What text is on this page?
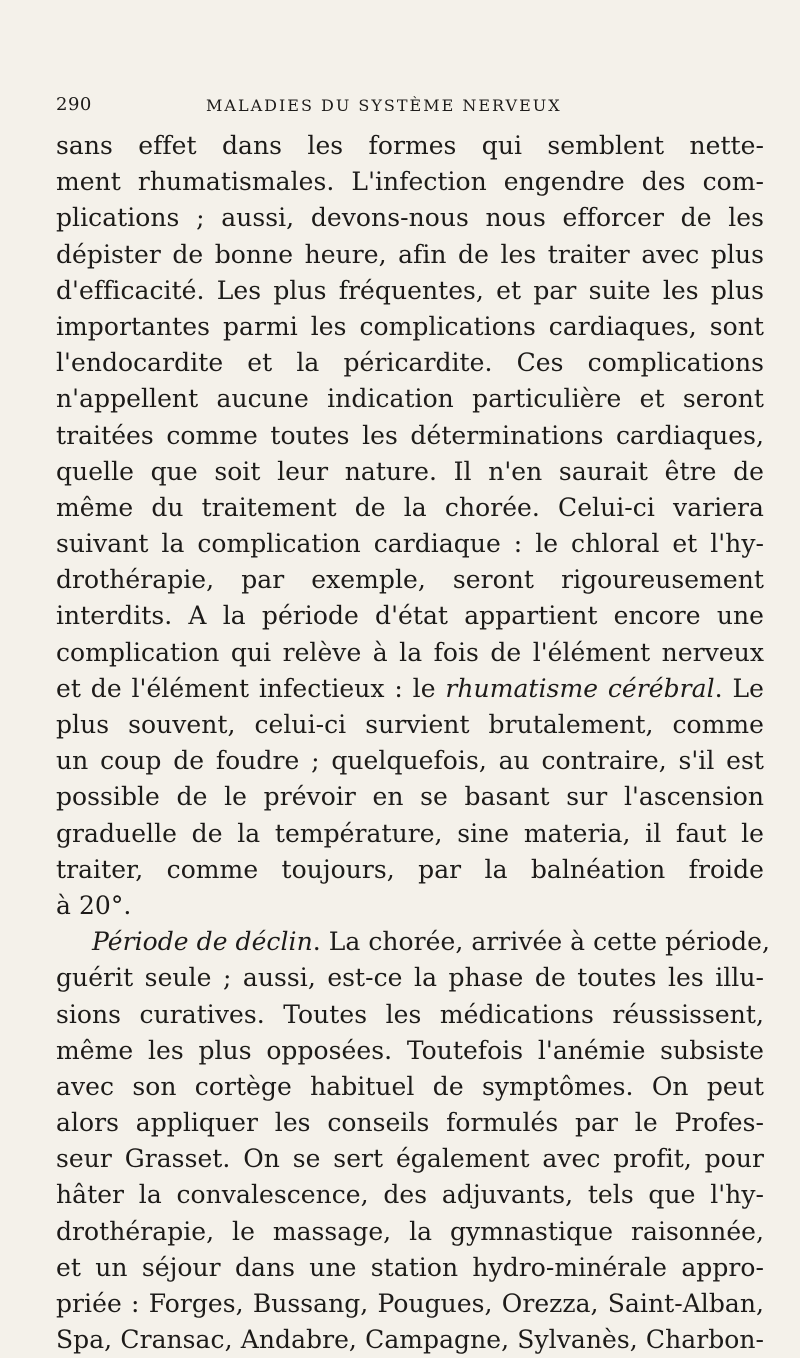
290	MALADIES DU SYSTÈME NERVEUX
sans effet dans les formes qui semblent nette-
ment rhumatismales. L'infection engendre des com-
plications ; aussi, devons-nous nous efforcer de les
dépister de bonne heure, afin de les traiter avec plus
d'efficacité. Les plus fréquentes, et par suite les plus
importantes parmi les complications cardiaques, sont
l'endocardite et la péricardite. Ces complications
n'appellent aucune indication particulière et seront
traitées comme toutes les déterminations cardiaques,
quelle que soit leur nature. Il n'en saurait être de
même du traitement de la chorée. Celui-ci variera
suivant la complication cardiaque : le chloral et l'hy-
drothérapie, par exemple, seront rigoureusement
interdits. A la période d'état appartient encore une
complication qui relève à la fois de l'élément nerveux
et de l'élément infectieux : le rhumatisme cérébral. Le
plus souvent, celui-ci survient brutalement, comme
un coup de foudre ; quelquefois, au contraire, s'il est
possible de le prévoir en se basant sur l'ascension
graduelle de la température, sine materia, il faut le
traiter, comme toujours, par la balnéation froide
à 20°.
Période de déclin. La chorée, arrivée à cette période,
guérit seule ; aussi, est-ce la phase de toutes les illu-
sions curatives. Toutes les médications réussissent,
même les plus opposées. Toutefois l'anémie subsiste
avec son cortège habituel de symptômes. On peut
alors appliquer les conseils formulés par le Profes-
seur Grasset. On se sert également avec profit, pour
hâter la convalescence, des adjuvants, tels que l'hy-
drothérapie, le massage, la gymnastique raisonnée,
et un séjour dans une station hydro-minérale appro-
priée : Forges, Bussang, Pougues, Orezza, Saint-Alban,
Spa, Cransac, Andabre, Campagne, Sylvanès, Charbon-
